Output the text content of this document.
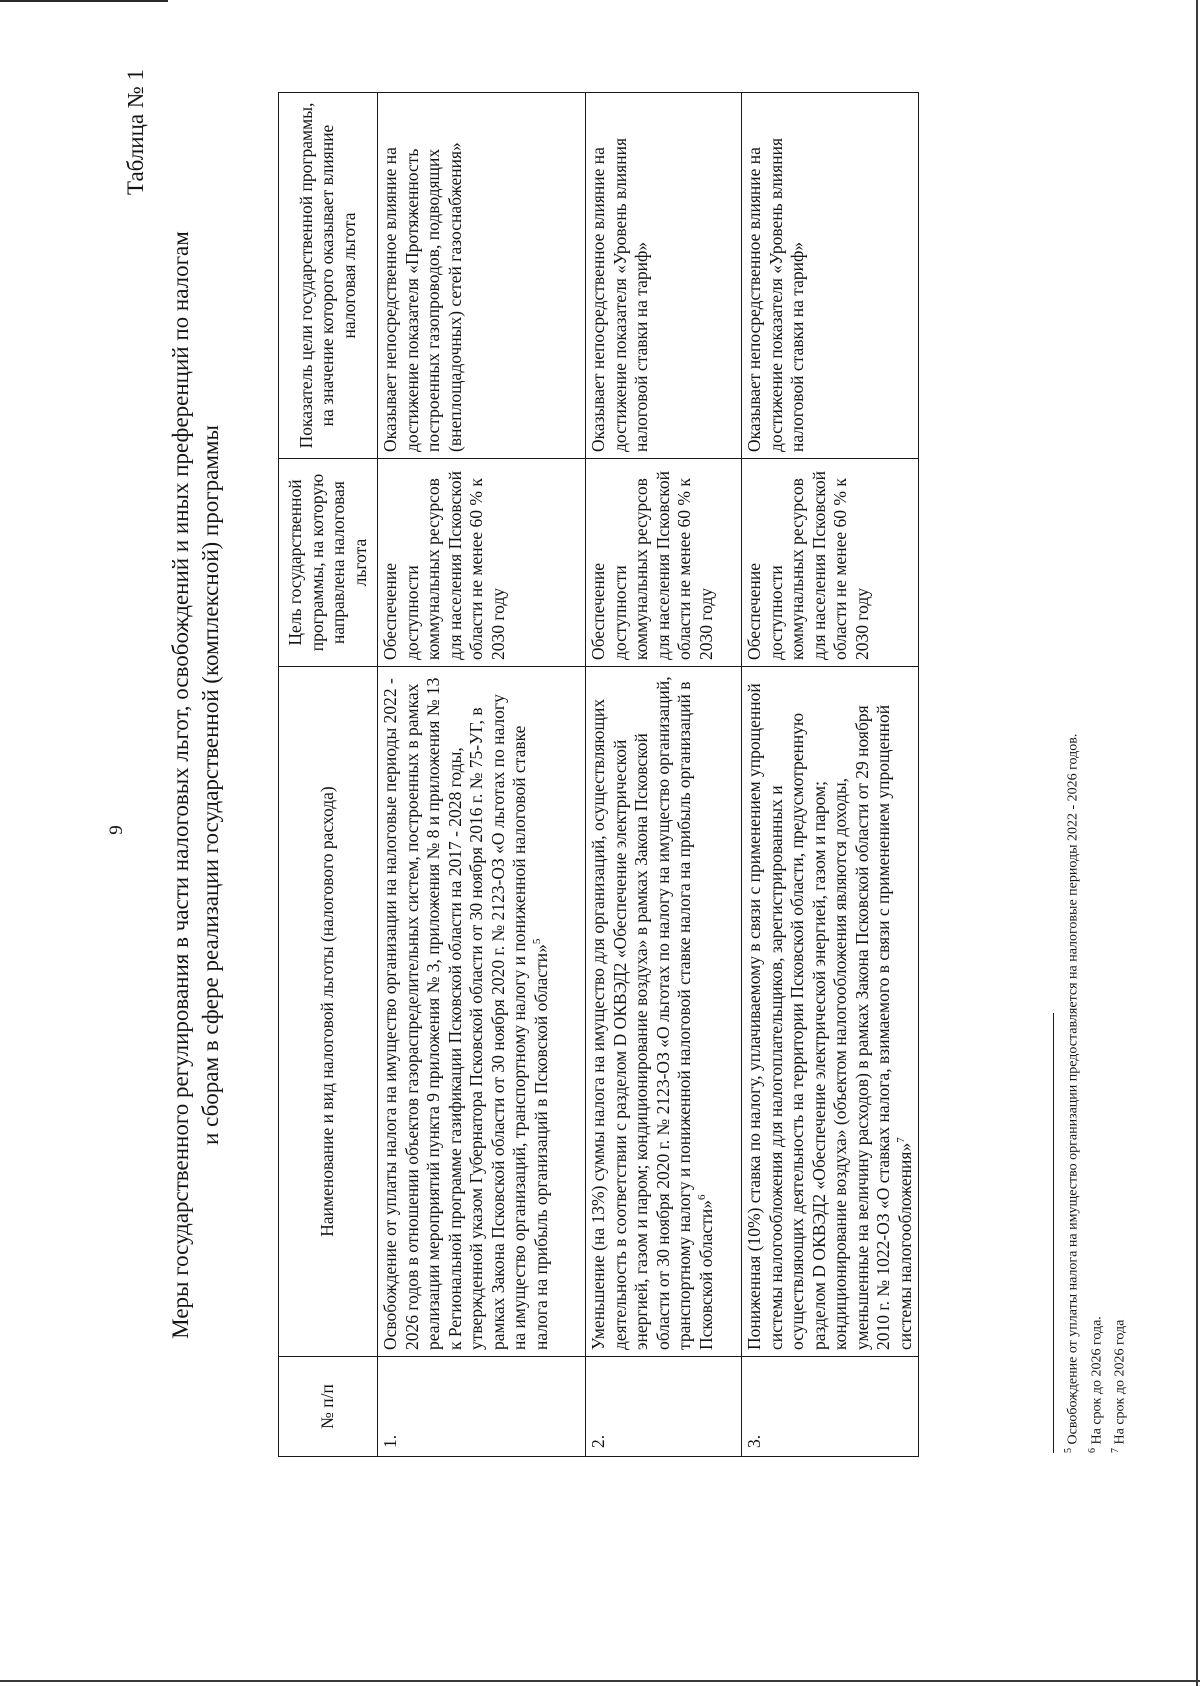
9
Таблица № 1
Меры государственного регулирования в части налоговых льгот, освобождений и иных преференций по налогам и сборам в сфере реализации государственной (комплексной) программы
№ п/п	Наименование и вид налоговой льготы (налогового расхода)	Цель государственной программы, на которую направлена налоговая льгота	Показатель цели государственной программы, на значение которого оказывает влияние налоговая льгота
1.	Освобождение от уплаты налога на имущество организации на налоговые периоды 2022 - 2026 годов в отношении объектов газораспределительных систем, построенных в рамках реализации мероприятий пункта 9 приложения № 3, приложения № 8 и приложения № 13 к Региональной программе газификации Псковской области на 2017 - 2028 годы, утвержденной указом Губернатора Псковской области от 30 ноября 2016 г. № 75-УГ, в рамках Закона Псковской области от 30 ноября 2020 г. № 2123-ОЗ «О льготах по налогу на имущество организаций, транспортному налогу и пониженной налоговой ставке налога на прибыль организаций в Псковской области»$^5$	Обеспечение доступности коммунальных ресурсов для населения Псковской области не менее 60 % к 2030 году	Оказывает непосредственное влияние на достижение показателя «Протяженность построенных газопроводов, подводящих (внеплощадочных) сетей газоснабжения»
2.	Уменьшение (на 13%) суммы налога на имущество для организаций, осуществляющих деятельность в соответствии с разделом D ОКВЭД2 «Обеспечение электрической энергией, газом и паром; кондиционирование воздуха» в рамках Закона Псковской области от 30 ноября 2020 г. № 2123-ОЗ «О льготах по налогу на имущество организаций, транспортному налогу и пониженной налоговой ставке налога на прибыль организаций в Псковской области»$^6$	Обеспечение доступности коммунальных ресурсов для населения Псковской области не менее 60 % к 2030 году	Оказывает непосредственное влияние на достижение показателя «Уровень влияния налоговой ставки на тариф»
3.	Пониженная (10%) ставка по налогу, уплачиваемому в связи с применением упрощенной системы налогообложения для налогоплательщиков, зарегистрированных и осуществляющих деятельность на территории Псковской области, предусмотренную разделом D ОКВЭД2 «Обеспечение электрической энергией, газом и паром; кондиционирование воздуха» (объектом налогообложения являются доходы, уменьшенные на величину расходов) в рамках Закона Псковской области от 29 ноября 2010 г. № 1022-ОЗ «О ставках налога, взимаемого в связи с применением упрощенной системы налогообложения»$^7$	Обеспечение доступности коммунальных ресурсов для населения Псковской области не менее 60 % к 2030 году	Оказывает непосредственное влияние на достижение показателя «Уровень влияния налоговой ставки на тариф»
$^5$ Освобождение от уплаты налога на имущество организации предоставляется на налоговые периоды 2022 - 2026 годов.
$^6$ На срок до 2026 года.
$^7$ На срок до 2026 года
